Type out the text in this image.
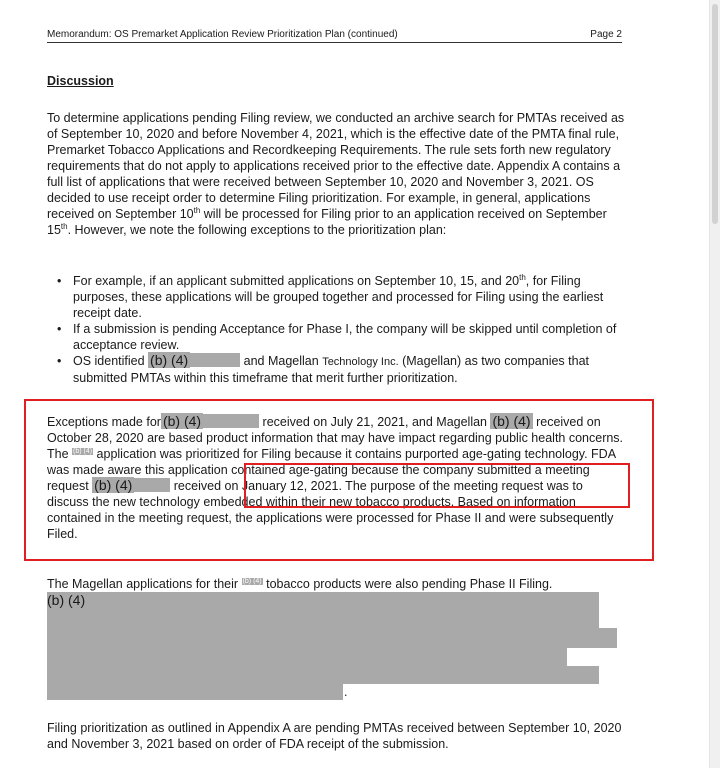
Memorandum: OS Premarket Application Review Prioritization Plan (continued)	Page 2
Discussion

To determine applications pending Filing review, we conducted an archive search for PMTAs received as of September 10, 2020 and before November 4, 2021, which is the effective date of the PMTA final rule, Premarket Tobacco Applications and Recordkeeping Requirements. The rule sets forth new regulatory requirements that do not apply to applications received prior to the effective date. Appendix A contains a full list of applications that were received between September 10, 2020 and November 3, 2021. OS decided to use receipt order to determine Filing prioritization. For example, in general, applications received on September 10th will be processed for Filing prior to an application received on September 15th. However, we note the following exceptions to the prioritization plan:

• For example, if an applicant submitted applications on September 10, 15, and 20th, for Filing purposes, these applications will be grouped together and processed for Filing using the earliest receipt date.
• If a submission is pending Acceptance for Phase I, the company will be skipped until completion of acceptance review.
• OS identified (b) (4)	and Magellan Technology Inc. (Magellan) as two companies that submitted PMTAs within this timeframe that merit further prioritization.

Exceptions made for (b) (4)	received on July 21, 2021, and Magellan (b) (4) received on October 28, 2020 are based product information that may have impact regarding public health concerns. The $^{(b) (4)}$ application was prioritized for Filing because it contains purported age-gating technology. FDA was made aware this application contained age-gating because the company submitted a meeting request (b) (4)	received on January 12, 2021. The purpose of the meeting request was to discuss the new technology embedded within their new tobacco products. Based on information contained in the meeting request, the applications were processed for Phase II and were subsequently Filed.

The Magellan applications for their $^{(b) (4)}$ tobacco products were also pending Phase II Filing.

(b) (4)
.

Filing prioritization as outlined in Appendix A are pending PMTAs received between September 10, 2020 and November 3, 2021 based on order of FDA receipt of the submission.
